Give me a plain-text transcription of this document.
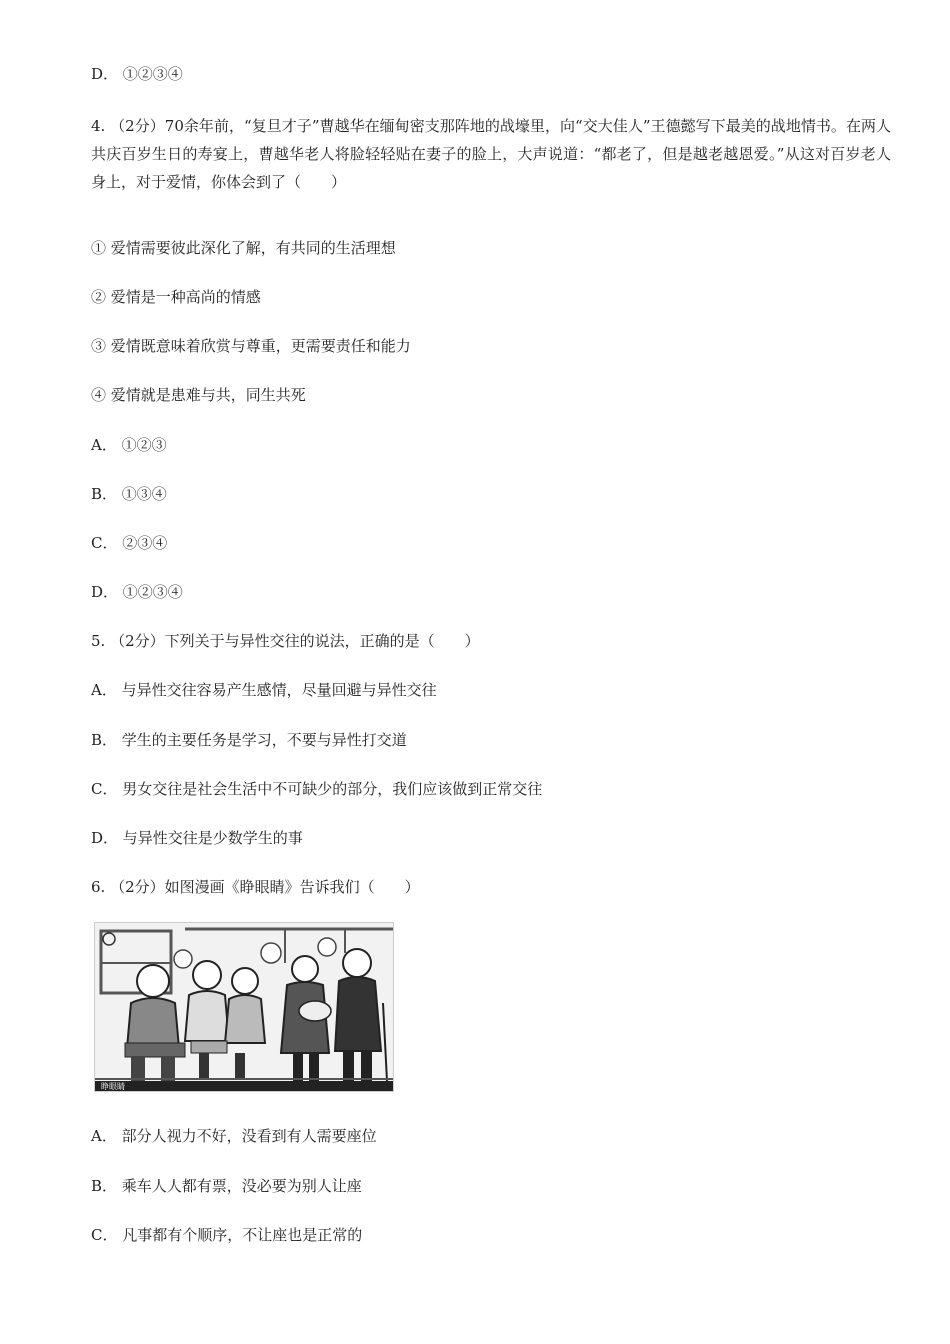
D． ①②③④
4. （2分）70余年前，“复旦才子”曹越华在缅甸密支那阵地的战壕里，向“交大佳人”王德懿写下最美的战地情书。在两人共庆百岁生日的寿宴上，曹越华老人将脸轻轻贴在妻子的脸上，大声说道：“都老了，但是越老越恩爱。”从这对百岁老人身上，对于爱情，你体会到了（　　）
① 爱情需要彼此深化了解，有共同的生活理想
② 爱情是一种高尚的情感
③ 爱情既意味着欣赏与尊重，更需要责任和能力
④ 爱情就是患难与共，同生共死
A． ①②③
B． ①③④
C． ②③④
D． ①②③④
5. （2分）下列关于与异性交往的说法，正确的是（　　）
A． 与异性交往容易产生感情，尽量回避与异性交往
B． 学生的主要任务是学习，不要与异性打交道
C． 男女交往是社会生活中不可缺少的部分，我们应该做到正常交往
D． 与异性交往是少数学生的事
6. （2分）如图漫画《睁眼睛》告诉我们（　　）
睁眼睛
A． 部分人视力不好，没看到有人需要座位
B． 乘车人人都有票，没必要为别人让座
C． 凡事都有个顺序，不让座也是正常的
